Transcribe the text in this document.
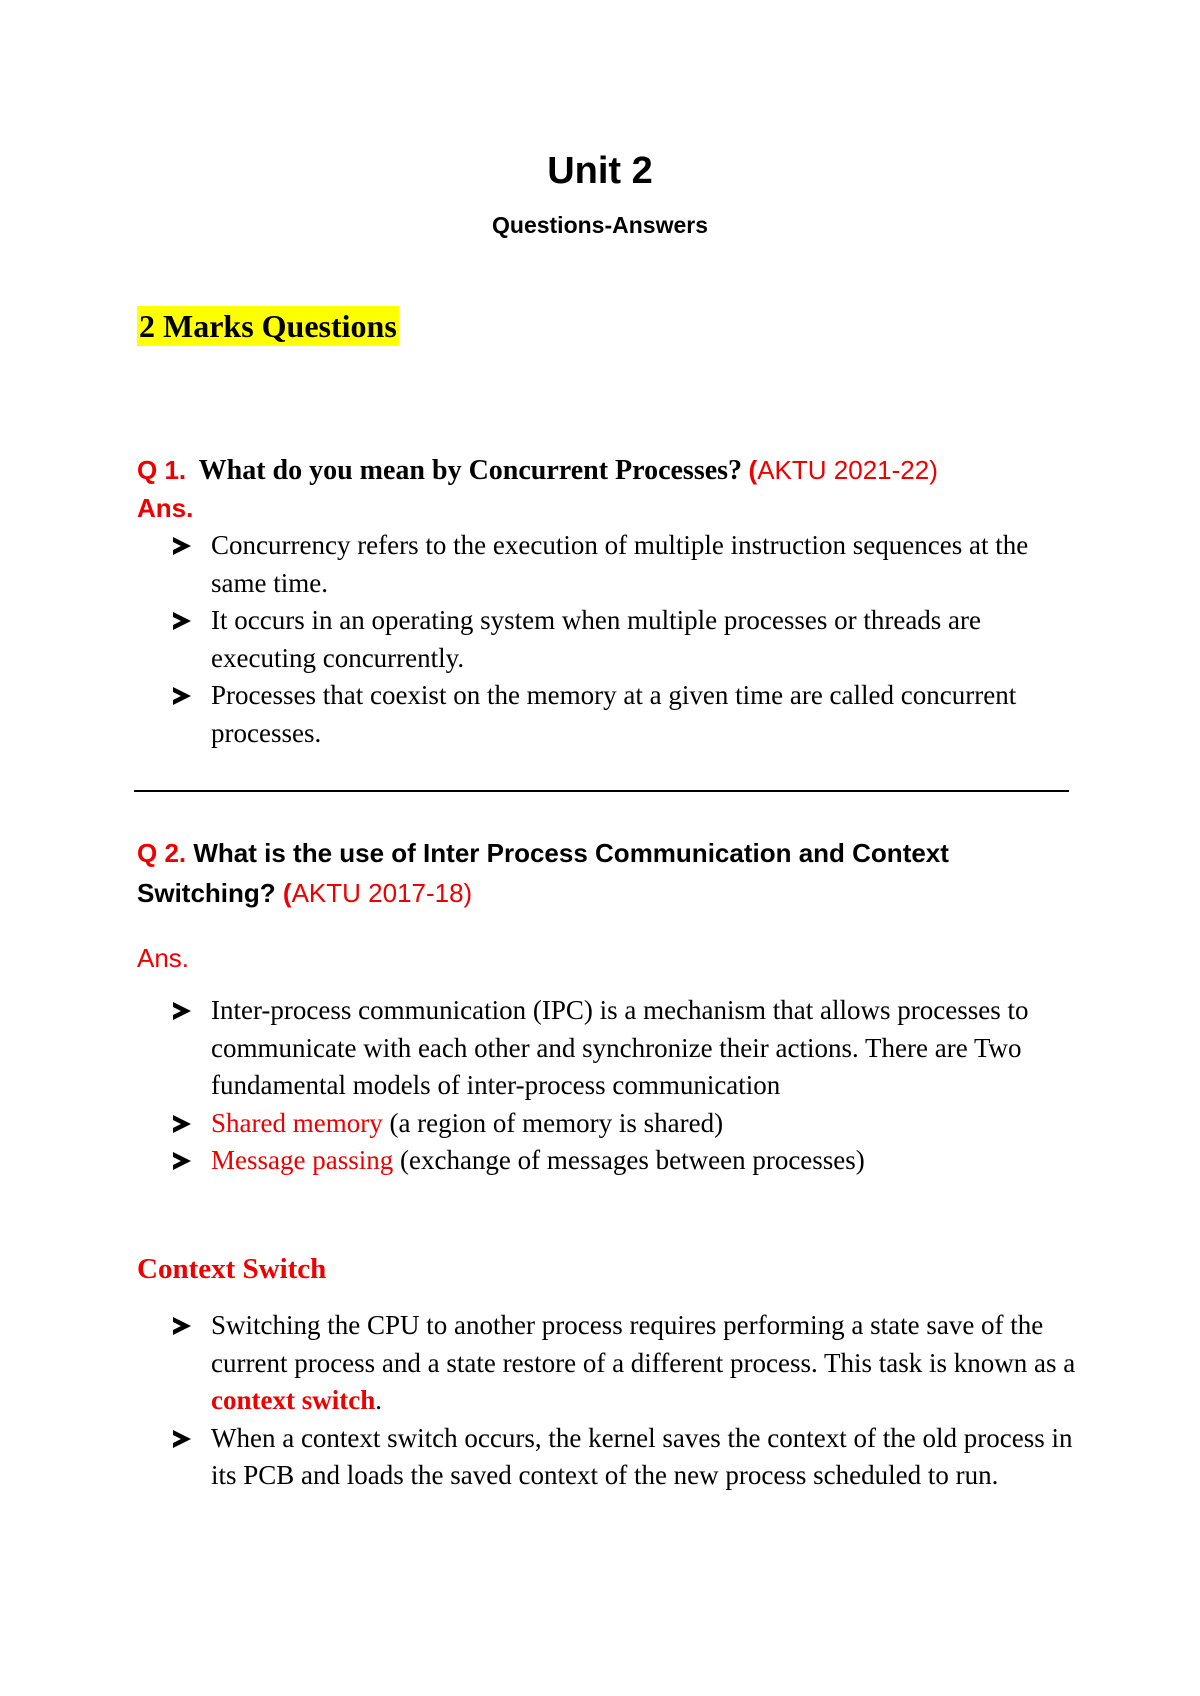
Unit 2
Questions-Answers
2 Marks Questions
Q 1. What do you mean by Concurrent Processes? (AKTU 2021-22)
Ans.
Concurrency refers to the execution of multiple instruction sequences at the same time.
It occurs in an operating system when multiple processes or threads are executing concurrently.
Processes that coexist on the memory at a given time are called concurrent processes.
Q 2. What is the use of Inter Process Communication and Context Switching? (AKTU 2017-18)
Ans.
Inter-process communication (IPC) is a mechanism that allows processes to communicate with each other and synchronize their actions. There are Two fundamental models of inter-process communication
Shared memory (a region of memory is shared)
Message passing (exchange of messages between processes)
Context Switch
Switching the CPU to another process requires performing a state save of the current process and a state restore of a different process. This task is known as a context switch.
When a context switch occurs, the kernel saves the context of the old process in its PCB and loads the saved context of the new process scheduled to run.
